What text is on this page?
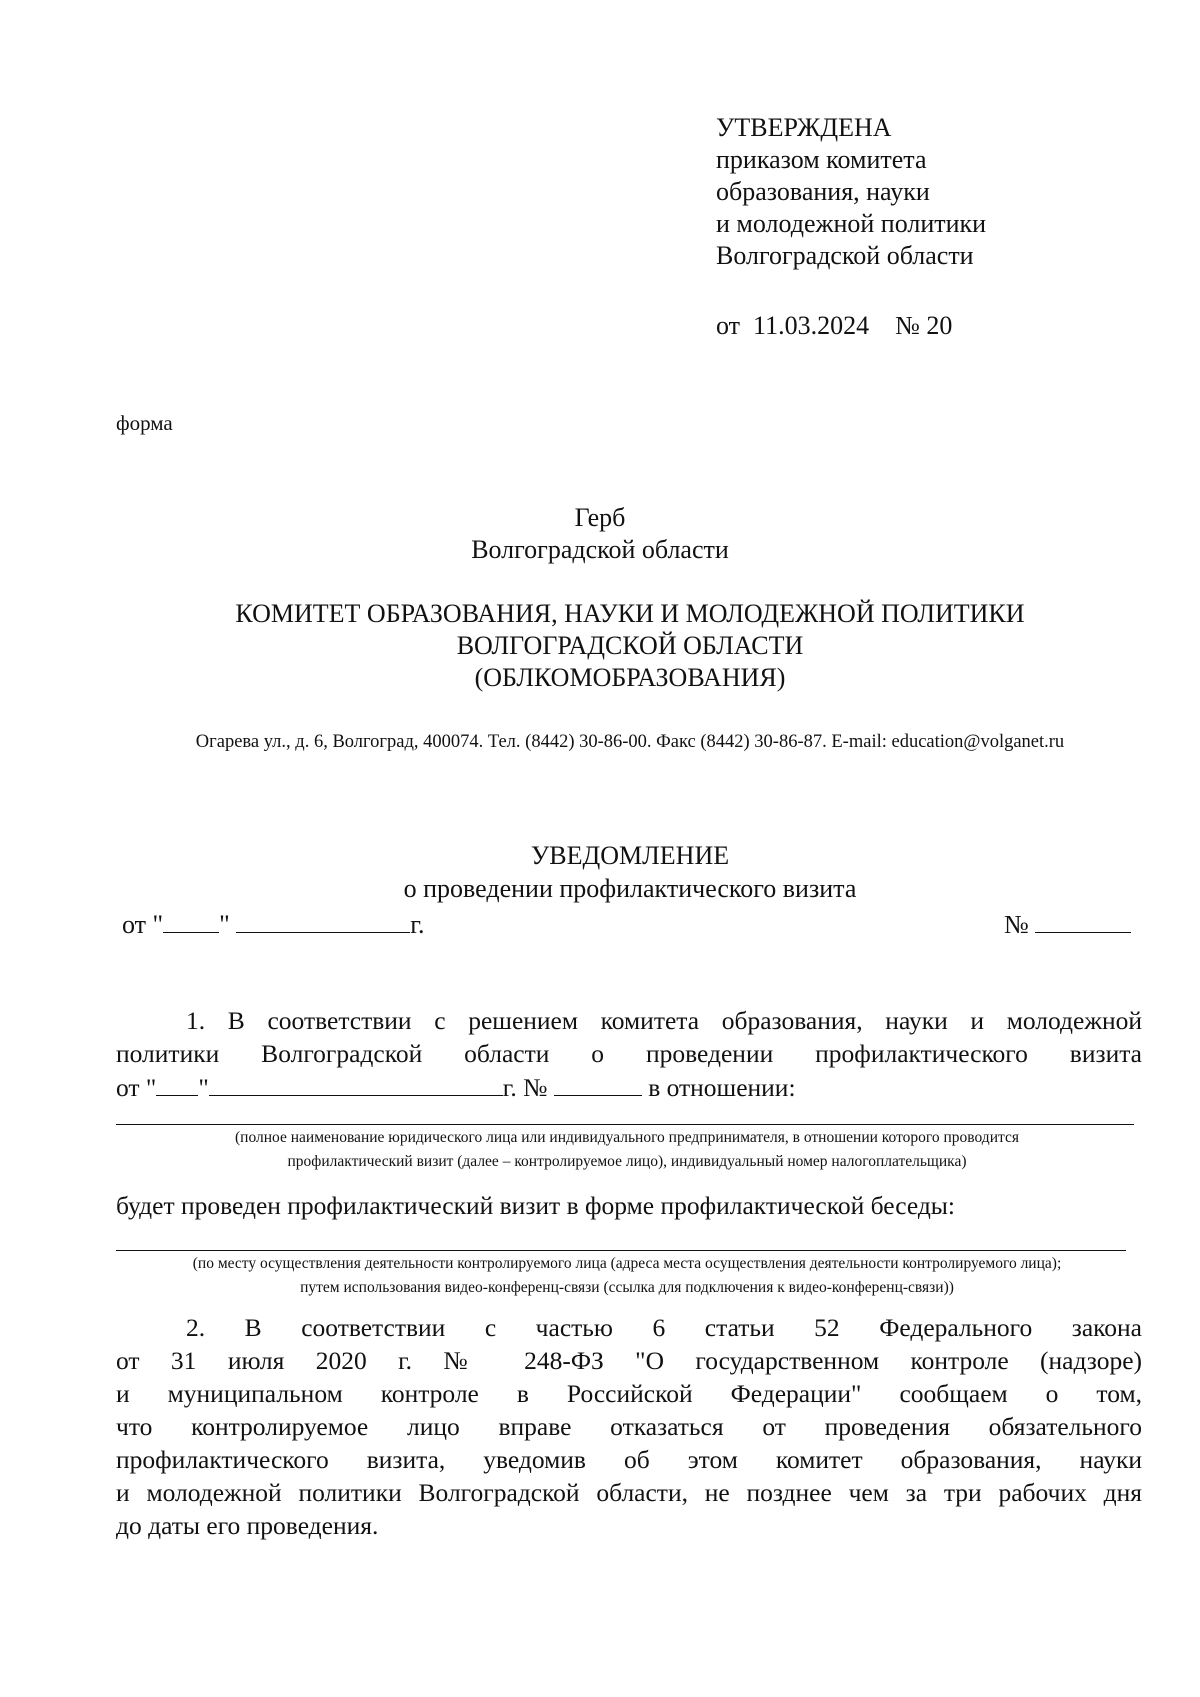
УТВЕРЖДЕНА
приказом комитета
образования, науки
и молодежной политики
Волгоградской области
от 11.03.2024 № 20
форма
Герб
Волгоградской области
КОМИТЕТ ОБРАЗОВАНИЯ, НАУКИ И МОЛОДЕЖНОЙ ПОЛИТИКИ
ВОЛГОГРАДСКОЙ ОБЛАСТИ
(ОБЛКОМОБРАЗОВАНИЯ)
Огарева ул., д. 6, Волгоград, 400074. Тел. (8442) 30-86-00. Факс (8442) 30-86-87. E-mail: education@volganet.ru
УВЕДОМЛЕНИЕ
о проведении профилактического визита
от " "	г.	№
1. В соответствии с решением комитета образования, науки и молодежной
политики Волгоградской области о проведении профилактического визита
от " "	г. №	в отношении:
(полное наименование юридического лица или индивидуального предпринимателя, в отношении которого проводится
профилактический визит (далее – контролируемое лицо), индивидуальный номер налогоплательщика)
будет проведен профилактический визит в форме профилактической беседы:
(по месту осуществления деятельности контролируемого лица (адреса места осуществления деятельности контролируемого лица);
путем использования видео-конференц-связи (ссылка для подключения к видео-конференц-связи))
2. В соответствии с частью 6 статьи 52 Федерального закона
от 31 июля 2020 г. № 248-ФЗ "О государственном контроле (надзоре)
и муниципальном контроле в Российской Федерации" сообщаем о том,
что контролируемое лицо вправе отказаться от проведения обязательного
профилактического визита, уведомив об этом комитет образования, науки
и молодежной политики Волгоградской области, не позднее чем за три рабочих дня
до даты его проведения.
